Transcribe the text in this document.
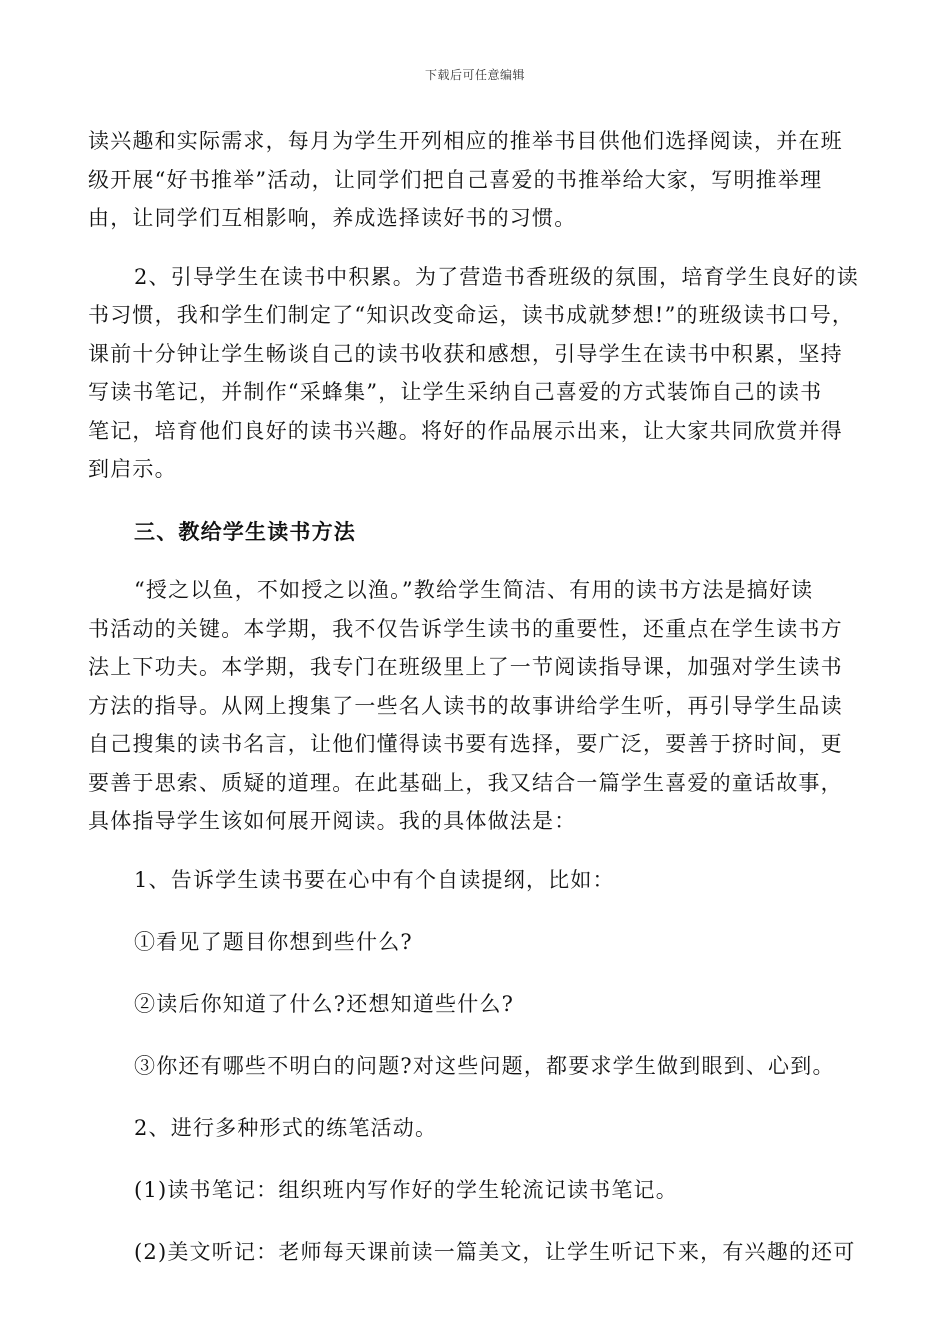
下载后可任意编辑
读兴趣和实际需求，每月为学生开列相应的推举书目供他们选择阅读，并在班
级开展“好书推举”活动，让同学们把自己喜爱的书推举给大家，写明推举理
由，让同学们互相影响，养成选择读好书的习惯。
2、引导学生在读书中积累。为了营造书香班级的氛围，培育学生良好的读
书习惯，我和学生们制定了“知识改变命运，读书成就梦想!”的班级读书口号，
课前十分钟让学生畅谈自己的读书收获和感想，引导学生在读书中积累，坚持
写读书笔记，并制作“采蜂集”，让学生采纳自己喜爱的方式装饰自己的读书
笔记，培育他们良好的读书兴趣。将好的作品展示出来，让大家共同欣赏并得
到启示。
三、教给学生读书方法
“授之以鱼，不如授之以渔。”教给学生简洁、有用的读书方法是搞好读
书活动的关键。本学期，我不仅告诉学生读书的重要性，还重点在学生读书方
法上下功夫。本学期，我专门在班级里上了一节阅读指导课，加强对学生读书
方法的指导。从网上搜集了一些名人读书的故事讲给学生听，再引导学生品读
自己搜集的读书名言，让他们懂得读书要有选择，要广泛，要善于挤时间，更
要善于思索、质疑的道理。在此基础上，我又结合一篇学生喜爱的童话故事，
具体指导学生该如何展开阅读。我的具体做法是：
1、告诉学生读书要在心中有个自读提纲，比如：
①看见了题目你想到些什么?
②读后你知道了什么?还想知道些什么?
③你还有哪些不明白的问题?对这些问题，都要求学生做到眼到、心到。
2、进行多种形式的练笔活动。
(1)读书笔记：组织班内写作好的学生轮流记读书笔记。
(2)美文听记：老师每天课前读一篇美文，让学生听记下来，有兴趣的还可
